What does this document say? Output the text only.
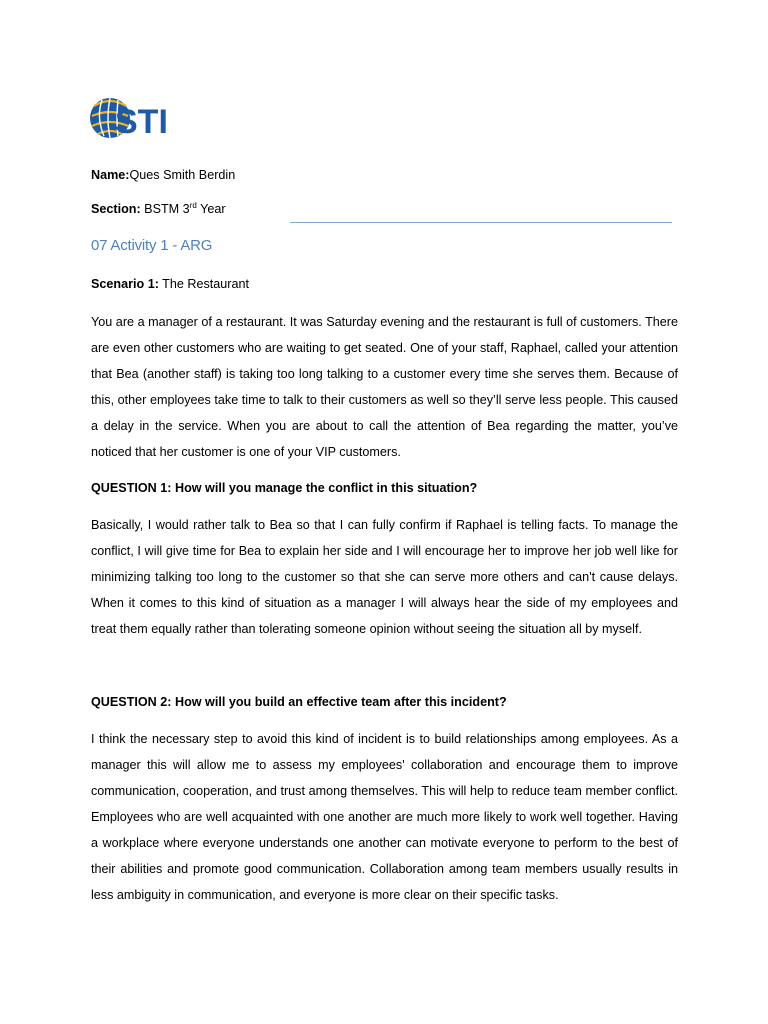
STI
Name:Ques Smith Berdin
Section: BSTM 3rd Year
07 Activity 1 - ARG
Scenario 1: The Restaurant
You are a manager of a restaurant. It was Saturday evening and the restaurant is full of customers. There are even other customers who are waiting to get seated. One of your staff, Raphael, called your attention that Bea (another staff) is taking too long talking to a customer every time she serves them. Because of this, other employees take time to talk to their customers as well so they’ll serve less people. This caused a delay in the service. When you are about to call the attention of Bea regarding the matter, you’ve noticed that her customer is one of your VIP customers.
QUESTION 1: How will you manage the conflict in this situation?
Basically, I would rather talk to Bea so that I can fully confirm if Raphael is telling facts. To manage the conflict, I will give time for Bea to explain her side and I will encourage her to improve her job well like for minimizing talking too long to the customer so that she can serve more others and can't cause delays. When it comes to this kind of situation as a manager I will always hear the side of my employees and treat them equally rather than tolerating someone opinion without seeing the situation all by myself.
QUESTION 2: How will you build an effective team after this incident?
I think the necessary step to avoid this kind of incident is to build relationships among employees. As a manager this will allow me to assess my employees' collaboration and encourage them to improve communication, cooperation, and trust among themselves. This will help to reduce team member conflict. Employees who are well acquainted with one another are much more likely to work well together. Having a workplace where everyone understands one another can motivate everyone to perform to the best of their abilities and promote good communication. Collaboration among team members usually results in less ambiguity in communication, and everyone is more clear on their specific tasks.
